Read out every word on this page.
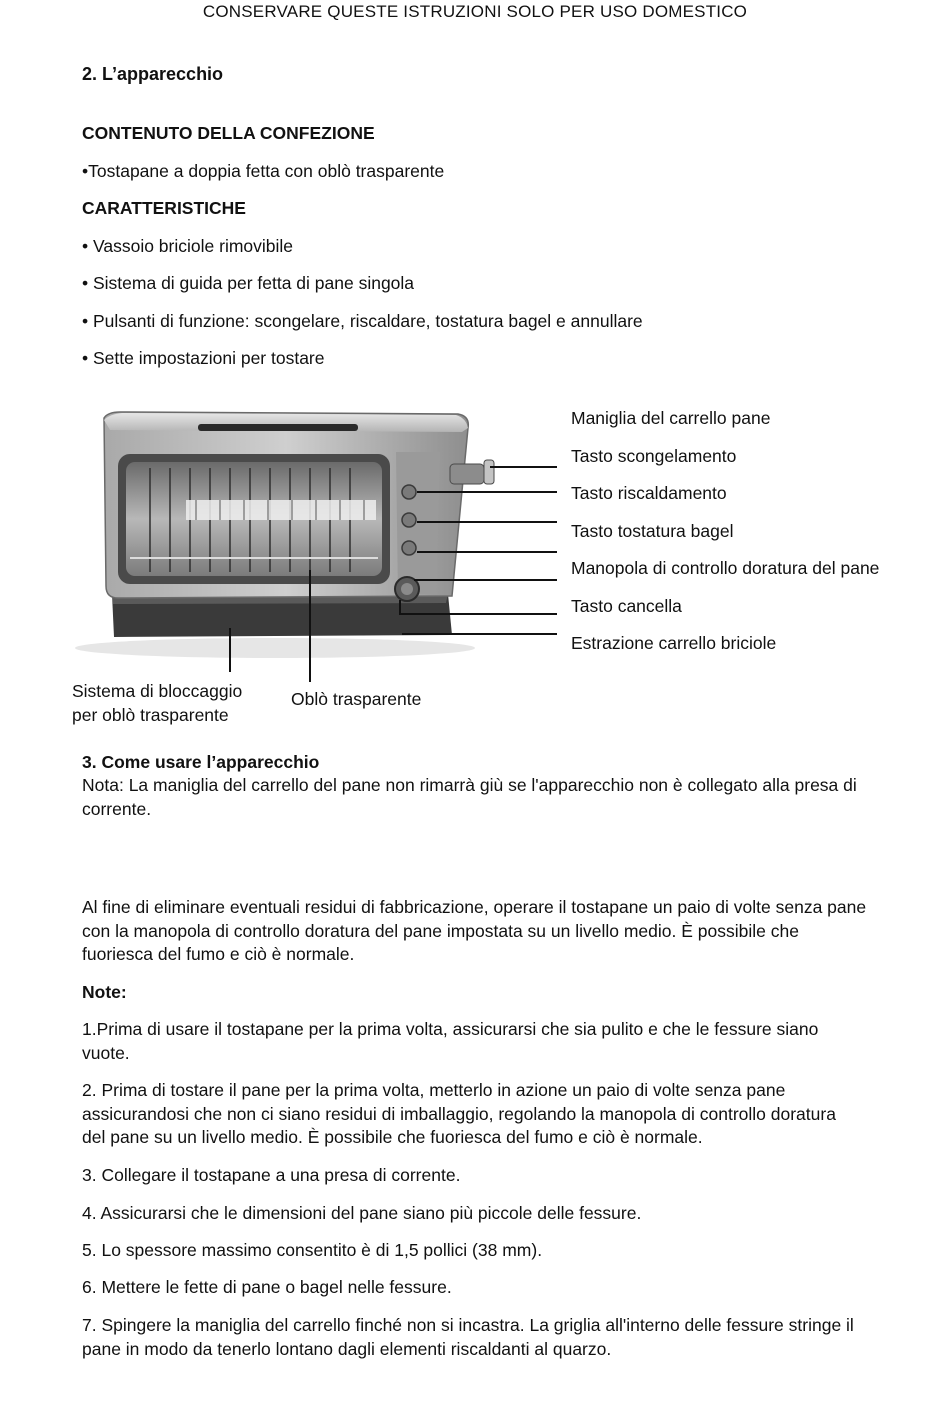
CONSERVARE QUESTE ISTRUZIONI SOLO PER USO DOMESTICO
2. L’apparecchio
CONTENUTO DELLA CONFEZIONE
•Tostapane a doppia fetta con oblò trasparente
CARATTERISTICHE
• Vassoio briciole rimovibile
• Sistema di guida per fetta di pane singola
• Pulsanti di funzione: scongelare, riscaldare, tostatura bagel e annullare
• Sette impostazioni per tostare
Maniglia del carrello pane
Tasto scongelamento
Tasto riscaldamento
Tasto tostatura bagel
Manopola di controllo doratura del pane
Tasto cancella
Estrazione carrello briciole
Sistema di bloccaggio
per oblò trasparente
Oblò trasparente
3. Come usare l’apparecchio
Nota: La maniglia del carrello del pane non rimarrà giù se l'apparecchio non è collegato alla presa di corrente.
Al fine di eliminare eventuali residui di fabbricazione, operare il tostapane un paio di volte senza pane con la manopola di controllo doratura del pane impostata su un livello medio. È possibile che fuoriesca del fumo e ciò è normale.
Note:
1.Prima di usare il tostapane per la prima volta, assicurarsi che sia pulito e che le fessure siano vuote.
2. Prima di tostare il pane per la prima volta, metterlo in azione un paio di volte senza pane assicurandosi che non ci siano residui di imballaggio, regolando la manopola di controllo doratura del pane su un livello medio. È possibile che fuoriesca del fumo e ciò è normale.
3. Collegare il tostapane a una presa di corrente.
4. Assicurarsi che le dimensioni del pane siano più piccole delle fessure.
5. Lo spessore massimo consentito è di 1,5 pollici (38 mm).
6. Mettere le fette di pane o bagel nelle fessure.
7. Spingere la maniglia del carrello finché non si incastra. La griglia all'interno delle fessure stringe il pane in modo da tenerlo lontano dagli elementi riscaldanti al quarzo.
